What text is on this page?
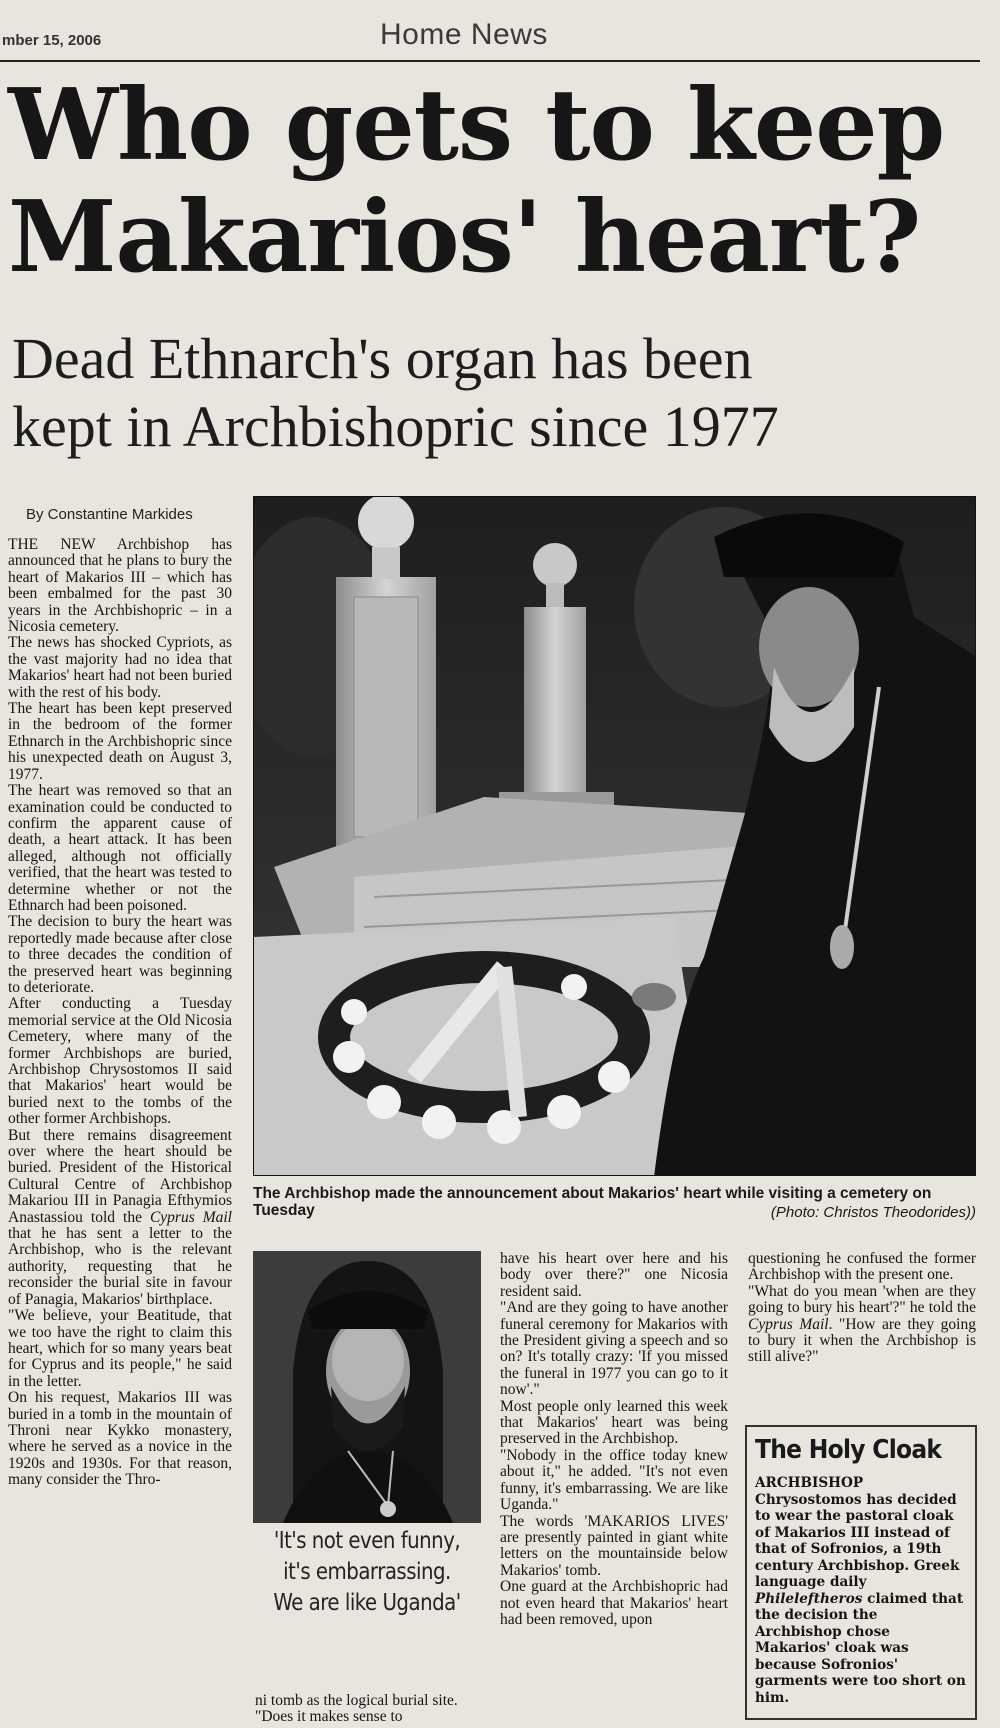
mber 15, 2006	Home News
Who gets to keep
Makarios' heart?
Dead Ethnarch's organ has been
kept in Archbishopric since 1977
By Constantine Markides

THE NEW Archbishop has announced that he plans to bury the heart of Makarios III – which has been embalmed for the past 30 years in the Archbishopric – in a Nicosia cemetery.

The news has shocked Cypriots, as the vast majority had no idea that Makarios' heart had not been buried with the rest of his body.

The heart has been kept preserved in the bedroom of the former Ethnarch in the Archbishopric since his unexpected death on August 3, 1977.

The heart was removed so that an examination could be conducted to confirm the apparent cause of death, a heart attack. It has been alleged, although not officially verified, that the heart was tested to determine whether or not the Ethnarch had been poisoned.

The decision to bury the heart was reportedly made because after close to three decades the condition of the preserved heart was beginning to deteriorate.

After conducting a Tuesday memorial service at the Old Nicosia Cemetery, where many of the former Archbishops are buried, Archbishop Chrysostomos II said that Makarios' heart would be buried next to the tombs of the other former Archbishops.

But there remains disagreement over where the heart should be buried. President of the Historical Cultural Centre of Archbishop Makariou III in Panagia Efthymios Anastassiou told the Cyprus Mail that he has sent a letter to the Archbishop, who is the relevant authority, requesting that he reconsider the burial site in favour of Panagia, Makarios' birthplace.

"We believe, your Beatitude, that we too have the right to claim this heart, which for so many years beat for Cyprus and its people," he said in the letter.

On his request, Makarios III was buried in a tomb in the mountain of Throni near Kykko monastery, where he served as a novice in the 1920s and 1930s. For that reason, many consider the Thro-

The Archbishop made the announcement about Makarios' heart while visiting a cemetery on Tuesday	(Photo: Christos Theodorides))
'It's not even funny,
it's embarrassing.
We are like Uganda'

ni tomb as the logical burial site.

"Does it makes sense to

have his heart over here and his body over there?" one Nicosia resident said.

"And are they going to have another funeral ceremony for Makarios with the President giving a speech and so on? It's totally crazy: 'If you missed the funeral in 1977 you can go to it now'."

Most people only learned this week that Makarios' heart was being preserved in the Archbishop.

"Nobody in the office today knew about it," he added. "It's not even funny, it's embarrassing. We are like Uganda."

The words 'MAKARIOS LIVES' are presently painted in giant white letters on the mountainside below Makarios' tomb.

One guard at the Archbishopric had not even heard that Makarios' heart had been removed, upon

questioning he confused the former Archbishop with the present one.

"What do you mean 'when are they going to bury his heart'?" he told the Cyprus Mail. "How are they going to bury it when the Archbishop is still alive?"

The Holy Cloak
ARCHBISHOP Chrysostomos has decided to wear the pastoral cloak of Makarios III instead of that of Sofronios, a 19th century Archbishop. Greek language daily Phileleftheros claimed that the decision the Archbishop chose Makarios' cloak was because Sofronios' garments were too short on him.
